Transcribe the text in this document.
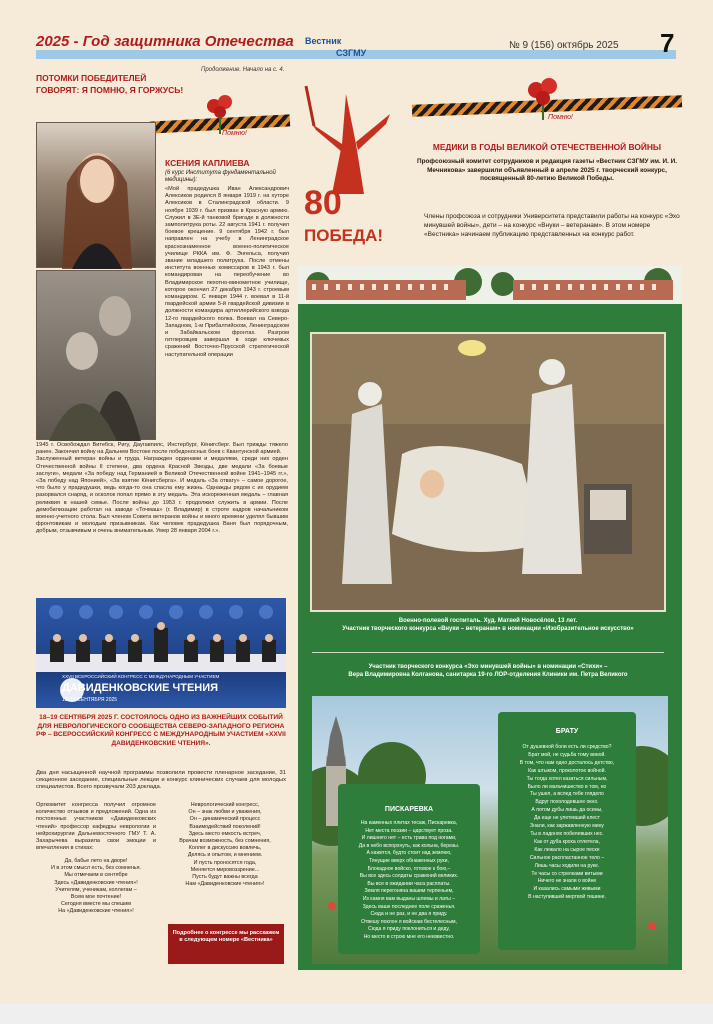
2025 - Год защитника Отечества Вестник
СЗГМУ
№ 9 (156) октябрь 2025 7
ПОТОМКИ ПОБЕДИТЕЛЕЙ ГОВОРЯТ: Я ПОМНЮ, Я ГОРЖУСЬ!
Продолжение. Начало на с. 4.
Помню!
КСЕНИЯ КАПЛИЕВА
(6 курс Института фундаментальной медицины):
«Мой прадедушка Иван Александрович Алексиков родился 8 января 1919 г. на хуторе Алексиков в Сталинградской области. 9 ноября 1939 г. был призван в Красную армию. Служил в 3Е-й танковой бригаде в должности замполитрука роты. 22 августа 1941 г. получил боевое крещение. 9 сентября 1942 г. был направлен на учебу в Ленинградское краснознаменное военно-политическое училище РККА им. Ф. Энгельса, получил звание младшего политрука. После отмены института военных комиссаров в 1943 г. был командирован на переобучение во Владимирское пехотно-минометное училище, которое окончил 27 декабря 1943 г. строевым командиром. С января 1944 г. воевал в 11-й гвардейской армии 5-й гвардейской дивизии в должности командира артиллерийского взвода 12-го гвардейского полка. Воевал на Северо-Западном, 1-м Прибалтийском, Ленинградском и Забайкальском фронтах. Разгром гитлеровцев завершал в ходе ключевых сражений Восточно-Прусской стратегической наступательной операции
1945 г. Освобождал Витебск, Ригу, Даугавпилс, Инстербург, Кёнигсберг. Был трижды тяжело ранен. Закончил войну на Дальнем Востоке после победоносных боев с Квантунской армией.
Заслуженный ветеран войны и труда. Награжден орденами и медалями, среди них орден Отечественной войны II степени, два ордена Красной Звезды, две медали «За боевые заслуги», медали «За победу над Германией в Великой Отечественной войне 1941–1945 гг.», «За победу над Японией», «За взятие Кёнигсберга». И медаль «За отвагу» – самое дорогое, что было у прадедушки, ведь когда-то она спасла ему жизнь. Однажды рядом с их орудием разорвался снаряд, и осколок попал прямо в эту медаль. Эта искореженная медаль – главная реликвия в нашей семье. После войны до 1953 г. продолжил служить в армии. После демобилизации работал на заводе «Точмаш» (г. Владимир) в строте кадров начальником военно-учетного стола. Был членом Совета ветеранов войны и много времени уделял бывшим фронтовикам и молодым призывникам. Как человек прадедушка Ваня был порядочным, добрым, отзывчивым и очень внимательным. Умер 28 января 2004 г.».
XXVII ВСЕРОССИЙСКИЙ КОНГРЕСС С МЕЖДУНАРОДНЫМ УЧАСТИЕМ
ДАВИДЕНКОВСКИЕ ЧТЕНИЯ
18–19 СЕНТЯБРЯ 2025
18–19 СЕНТЯБРЯ 2025 Г. СОСТОЯЛОСЬ ОДНО ИЗ ВАЖНЕЙШИХ СОБЫТИЙ ДЛЯ НЕВРОЛОГИЧЕСКОГО СООБЩЕСТВА СЕВЕРО-ЗАПАДНОГО РЕГИОНА РФ – ВСЕРОССИЙСКИЙ КОНГРЕСС С МЕЖДУНАРОДНЫМ УЧАСТИЕМ «XXVII ДАВИДЕНКОВСКИЕ ЧТЕНИЯ».
Два дня насыщенной научной программы позволили провести пленарное заседание, 31 секционное заседание, специальные лекции и конкурс клинических случаев для молодых специалистов. Всего прозвучали 203 доклада.
Оргкомитет конгресса получил огромное количество отзывов и предложений. Одна из постоянных участников «Давиденковских чтений» профессор кафедры неврологии и нейрохирургии Дальневосточного ГМУ Т. А. Захарычева выразила свои эмоции и впечатления в стихах:
Да, бабье лето на дворе!
И в этом смысл есть, без сомненья.
Мы отмечаем в сентябре
Здесь «Давиденковские чтения»!
Учителям, ученикам, коллегам –
Всем мое почтение!
Сегодня вместе мы спешим
На «Давиденковские чтения»!
Неврологический конгресс,
Он – знак любви и уважения,
Он – динамический процесс
Взаимодействий поколений!
Здесь место емкость встреч,
Врачам возможность, без сомнения,
Коллег в дискуссию вовлечь,
Делясь и опытом, и мнением.
И пусть проносятся года,
Меняется мировоззрение...
Пусть будут важны всегда
Нам «Давиденковские чтения»!
Подробнее о конгрессе мы расскажем в следующем номере «Вестника»
80
ПОБЕДА!
Помню!
МЕДИКИ В ГОДЫ ВЕЛИКОЙ ОТЕЧЕСТВЕННОЙ ВОЙНЫ
Профсоюзный комитет сотрудников и редакция газеты «Вестник СЗГМУ им. И. И. Мечникова» завершили объявленный в апреле 2025 г. творческий конкурс, посвященный 80-летию Великой Победы.
Члены профсоюза и сотрудники Университета представили работы на конкурс «Эхо минувшей войны», дети – на конкурс «Внуки – ветеранам». В этом номере «Вестника» начинаем публикацию представленных на конкурс работ.
Военно-полевой госпиталь. Худ. Матвей Новосёлов, 13 лет.
Участник творческого конкурса «Внуки – ветеранам» в номинации «Изобразительное искусство»
Участник творческого конкурса «Эхо минувшей войны» в номинации «Стихи» –
Вера Владимировна Колганова, санитарка 19-го ЛОР-отделения Клиники им. Петра Великого
ПИСКАРЕВКА
На каменных плитах тесаж, Пискаревка,
Нет места поэзии – царствует проза.
И лишнего нет – есть травa под ногами,
Да в небо вспорхнуть, как кольна, березы.
А кажется, будто стоит над землею,
Тянущие вверх обнаженных руки,
Блокадное войско, готовое к бою,–
Вы все здесь солдаты сражений великих.
Вы все в ожидании часа расплаты.
Земля перегоняна вашим терпеньем,
Из камня вам выданы шлемы и латы –
Здесь ваше последнее поле сраженья.
Сюда и не раз, и не два я приду.
Отвешу поклон я войскам бестелесным,
Сюда я приду поклониться и деду,
Но место в строю мне его неизвестно.
БРАТУ
От душевной боли есть ли средство?
Брат мой, не судьба тому виной.
В том, что нам одно досталось детство,
Как штыком, проколотое войной.
Ты тогда хотел казаться сильным,
Было ли мальчишество в том, но
Ты ушел, а вслед тебе глядело
Вдруг похолодевшее окно.
А потом дубы лишь да осины,
Да еще не улетевший клест
Знали, как заржавленную мину
Ты в ладонях побелевших нес.
Как от дуба кроха отлетела,
Как лежало на сырое песке
Сильное распластанное тело –
Лишь часы ходили на руке.
Те часы со стрелками витыми
Ничего не знали о войне
И казались самыми живыми
В наступившей мертвой тишине.
